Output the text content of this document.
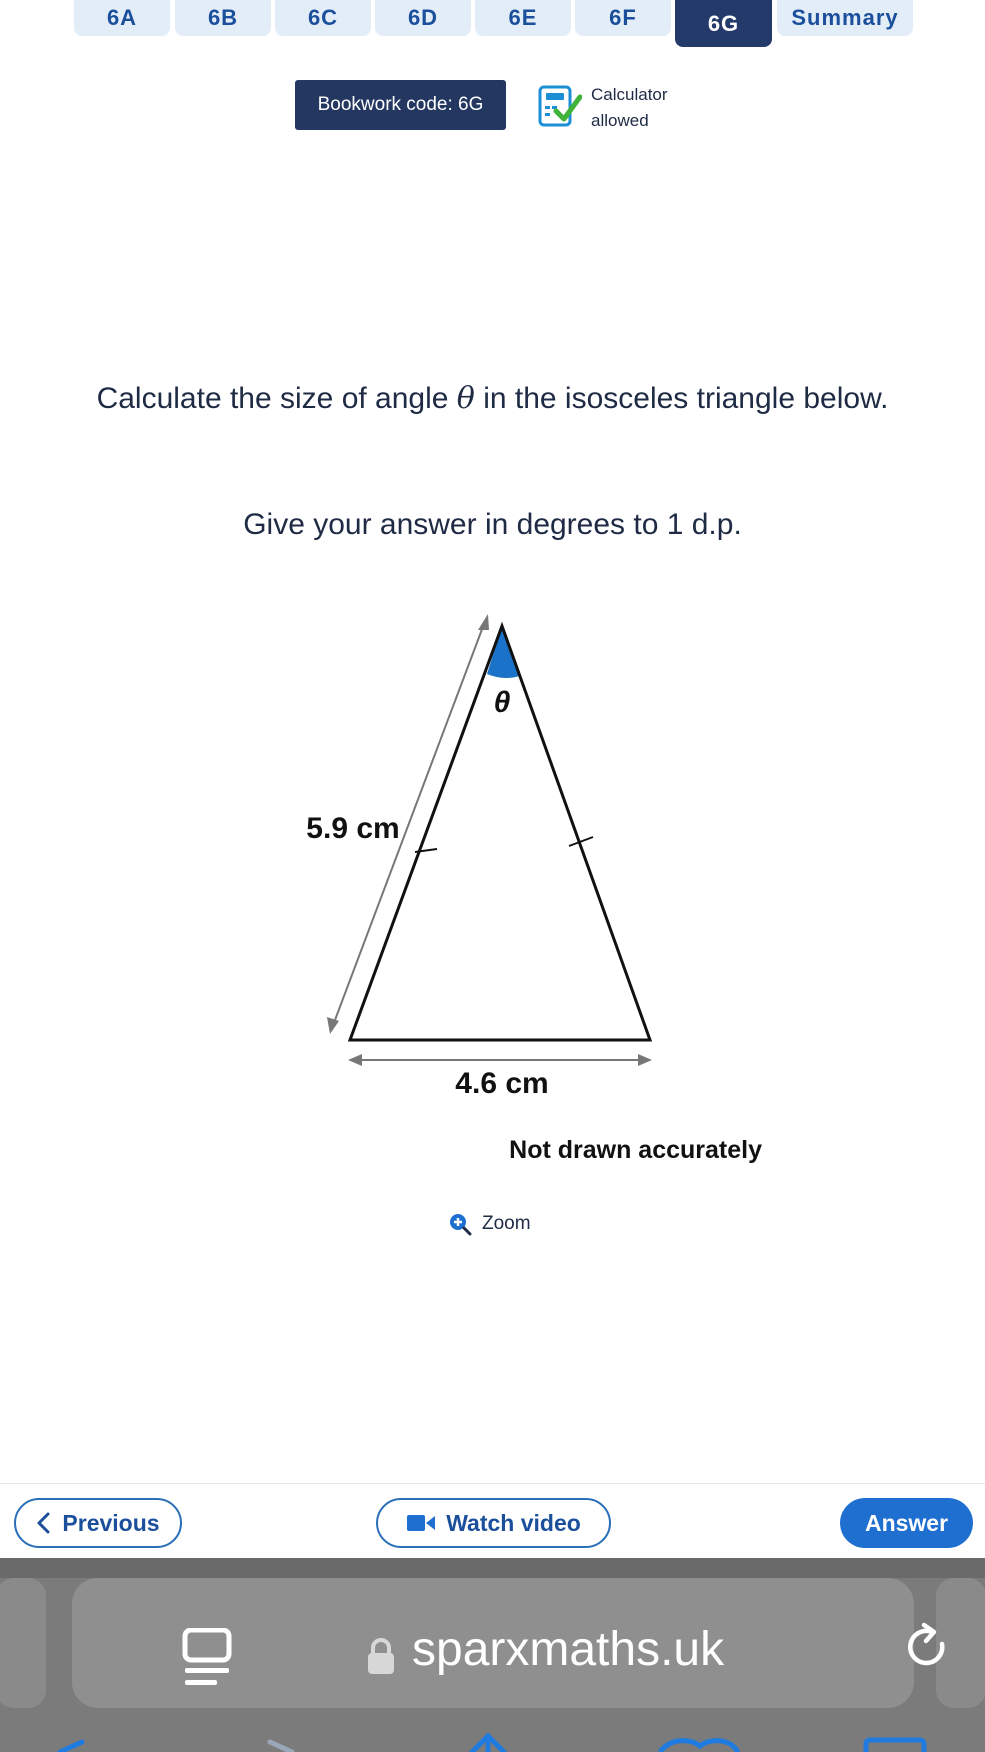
6A	6B	6C	6D	6E	6F	6G	Summary
Bookwork code: 6G	Calculator
allowed
Calculate the size of angle θ in the isosceles triangle below.
Give your answer in degrees to 1 d.p.
θ
5.9 cm
4.6 cm
Not drawn accurately
Zoom
Previous	Watch video	Answer
sparxmaths.uk
